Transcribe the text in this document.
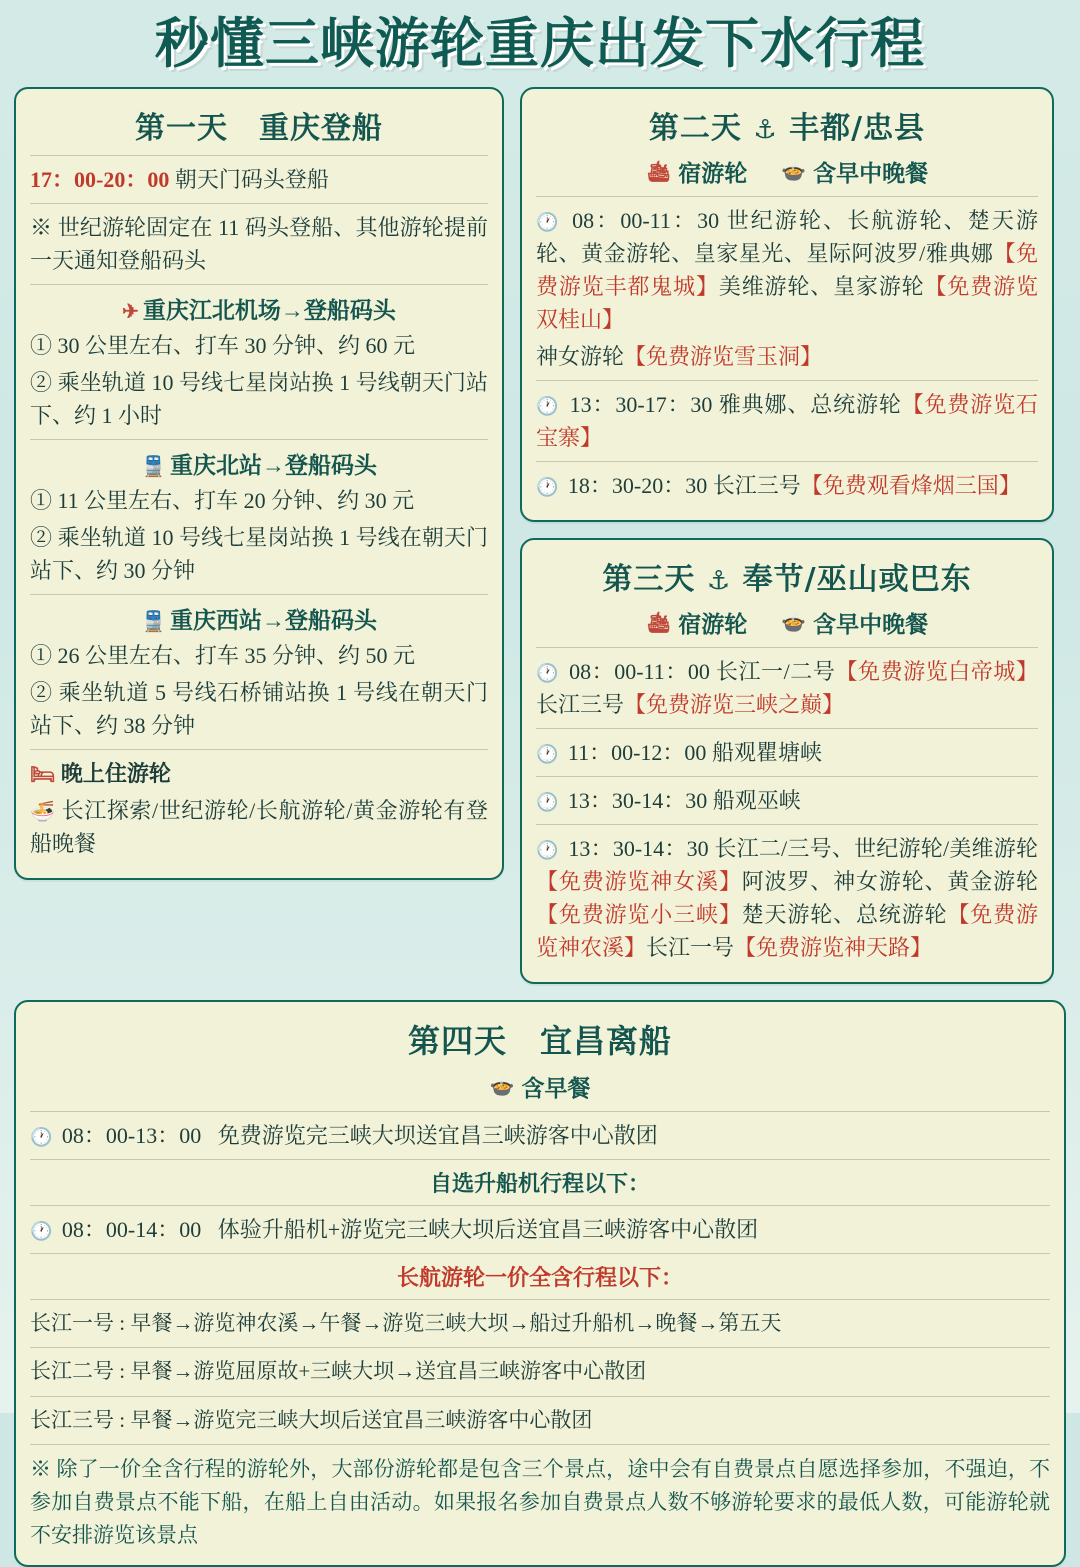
秒懂三峡游轮重庆出发下水行程
第一天　重庆登船
17：00-20：00 朝天门码头登船
※ 世纪游轮固定在 11 码头登船、其他游轮提前一天通知登船码头
✈ 重庆江北机场→登船码头
① 30 公里左右、打车 30 分钟、约 60 元
② 乘坐轨道 10 号线七星岗站换 1 号线朝天门站下、约 1 小时
🚆 重庆北站→登船码头
① 11 公里左右、打车 20 分钟、约 30 元
② 乘坐轨道 10 号线七星岗站换 1 号线在朝天门站下、约 30 分钟
🚆 重庆西站→登船码头
① 26 公里左右、打车 35 分钟、约 50 元
② 乘坐轨道 5 号线石桥铺站换 1 号线在朝天门站下、约 38 分钟
🛏 晚上住游轮
🍜 长江探索/世纪游轮/长航游轮/黄金游轮有登船晚餐
第二天 ⚓ 丰都/忠县
🛳 宿游轮 🍲 含早中晚餐
🕐 08：00-11：30 世纪游轮、长航游轮、楚天游轮、黄金游轮、皇家星光、星际阿波罗/雅典娜【免费游览丰都鬼城】美维游轮、皇家游轮【免费游览双桂山】
神女游轮【免费游览雪玉洞】
🕐 13：30-17：30 雅典娜、总统游轮【免费游览石宝寨】
🕐 18：30-20：30 长江三号【免费观看烽烟三国】
第三天 ⚓ 奉节/巫山或巴东
🛳 宿游轮 🍲 含早中晚餐
🕐 08：00-11：00 长江一/二号【免费游览白帝城】长江三号【免费游览三峡之巅】
🕐 11：00-12：00 船观瞿塘峡
🕐 13：30-14：30 船观巫峡
🕐 13：30-14：30 长江二/三号、世纪游轮/美维游轮【免费游览神女溪】阿波罗、神女游轮、黄金游轮【免费游览小三峡】楚天游轮、总统游轮【免费游览神农溪】长江一号【免费游览神天路】
第四天　宜昌离船
🍲 含早餐
🕐 08：00-13：00 免费游览完三峡大坝送宜昌三峡游客中心散团
自选升船机行程以下：
🕐 08：00-14：00 体验升船机+游览完三峡大坝后送宜昌三峡游客中心散团
长航游轮一价全含行程以下：
长江一号 : 早餐→游览神农溪→午餐→游览三峡大坝→船过升船机→晚餐→第五天
长江二号 : 早餐→游览屈原故+三峡大坝→送宜昌三峡游客中心散团
长江三号 : 早餐→游览完三峡大坝后送宜昌三峡游客中心散团
※ 除了一价全含行程的游轮外，大部份游轮都是包含三个景点，途中会有自费景点自愿选择参加，不强迫，不参加自费景点不能下船，在船上自由活动。如果报名参加自费景点人数不够游轮要求的最低人数，可能游轮就不安排游览该景点
